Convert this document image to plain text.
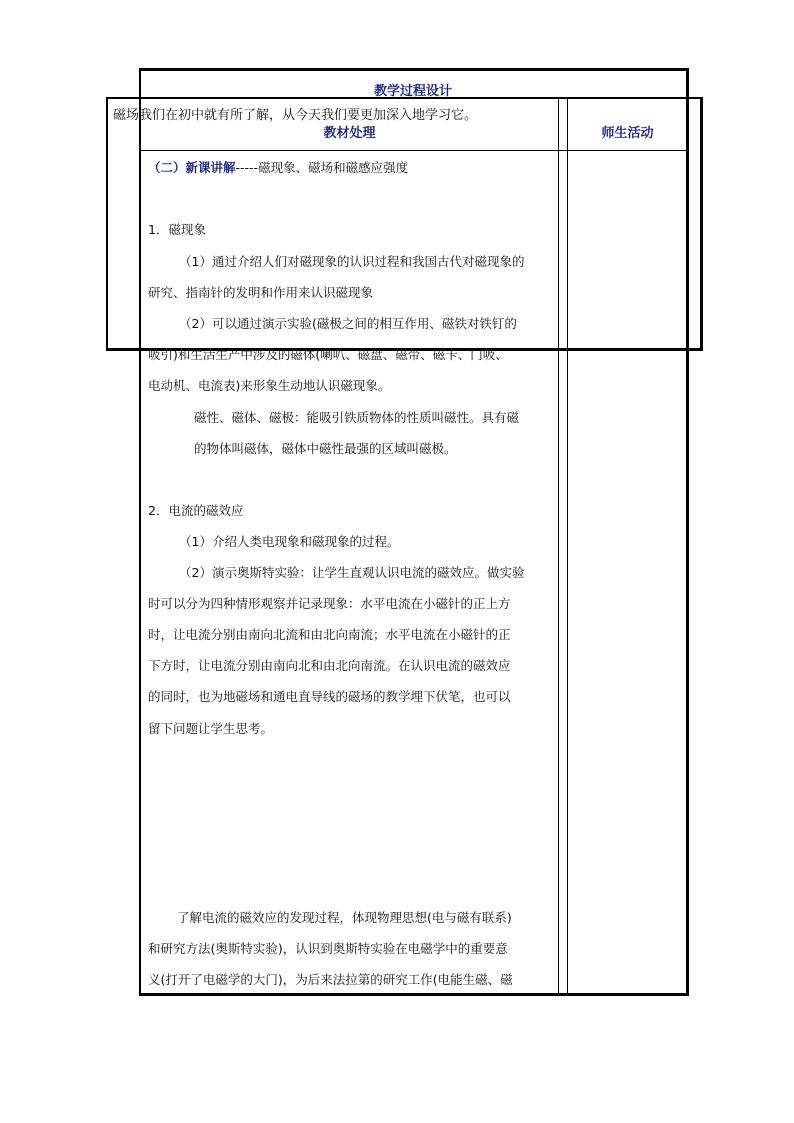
教学过程设计
磁场我们在初中就有所了解，从今天我们要更加深入地学习它。
教材处理	师生活动
（二）新课讲解-----磁现象、磁场和磁感应强度
1．磁现象
（1）通过介绍人们对磁现象的认识过程和我国古代对磁现象的
研究、指南针的发明和作用来认识磁现象
（2）可以通过演示实验(磁极之间的相互作用、磁铁对铁钉的
吸引)和生活生产中涉及的磁体(喇叭、磁盘、磁带、磁卡、门吸、
电动机、电流表)来形象生动地认识磁现象。
磁性、磁体、磁极：能吸引铁质物体的性质叫磁性。具有磁
的物体叫磁体，磁体中磁性最强的区域叫磁极。
2．电流的磁效应
（1）介绍人类电现象和磁现象的过程。
（2）演示奥斯特实验：让学生直观认识电流的磁效应。做实验
时可以分为四种情形观察并记录现象：水平电流在小磁针的正上方
时，让电流分别由南向北流和由北向南流；水平电流在小磁针的正
下方时，让电流分别由南向北和由北向南流。在认识电流的磁效应
的同时，也为地磁场和通电直导线的磁场的教学埋下伏笔，也可以
留下问题让学生思考。
了解电流的磁效应的发现过程，体现物理思想(电与磁有联系)
和研究方法(奥斯特实验)，认识到奥斯特实验在电磁学中的重要意
义(打开了电磁学的大门)，为后来法拉第的研究工作(电能生磁、磁
